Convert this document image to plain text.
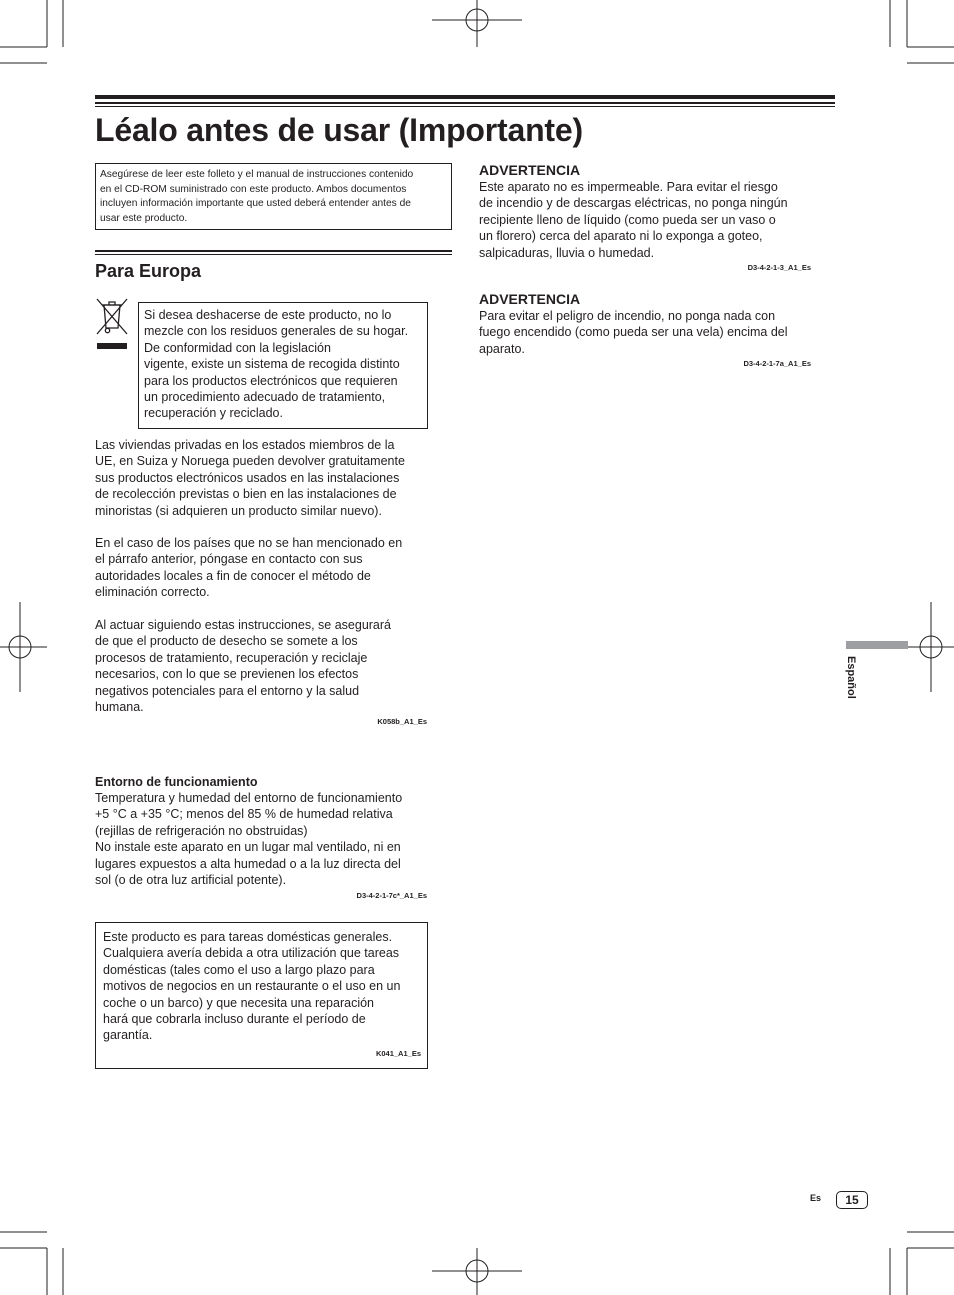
Léalo antes de usar (Importante)
Asegúrese de leer este folleto y el manual de instrucciones contenido
en el CD-ROM suministrado con este producto. Ambos documentos
incluyen información importante que usted deberá entender antes de
usar este producto.
Para Europa
Si desea deshacerse de este producto, no lo
mezcle con los residuos generales de su hogar.
De conformidad con la legislación
vigente, existe un sistema de recogida distinto
para los productos electrónicos que requieren
un procedimiento adecuado de tratamiento,
recuperación y reciclado.
Las viviendas privadas en los estados miembros de la
UE, en Suiza y Noruega pueden devolver gratuitamente
sus productos electrónicos usados en las instalaciones
de recolección previstas o bien en las instalaciones de
minoristas (si adquieren un producto similar nuevo).
En el caso de los países que no se han mencionado en
el párrafo anterior, póngase en contacto con sus
autoridades locales a fin de conocer el método de
eliminación correcto.
Al actuar siguiendo estas instrucciones, se asegurará
de que el producto de desecho se somete a los
procesos de tratamiento, recuperación y reciclaje
necesarios, con lo que se previenen los efectos
negativos potenciales para el entorno y la salud
humana.
K058b_A1_Es
Entorno de funcionamiento
Temperatura y humedad del entorno de funcionamiento
+5 °C a +35 °C; menos del 85 % de humedad relativa
(rejillas de refrigeración no obstruidas)
No instale este aparato en un lugar mal ventilado, ni en
lugares expuestos a alta humedad o a la luz directa del
sol (o de otra luz artificial potente).
D3-4-2-1-7c*_A1_Es
Este producto es para tareas domésticas generales.
Cualquiera avería debida a otra utilización que tareas
domésticas (tales como el uso a largo plazo para
motivos de negocios en un restaurante o el uso en un
coche o un barco) y que necesita una reparación
hará que cobrarla incluso durante el período de
garantía.
K041_A1_Es
ADVERTENCIA
Este aparato no es impermeable. Para evitar el riesgo
de incendio y de descargas eléctricas, no ponga ningún
recipiente lleno de líquido (como pueda ser un vaso o
un florero) cerca del aparato ni lo exponga a goteo,
salpicaduras, lluvia o humedad.
D3-4-2-1-3_A1_Es
ADVERTENCIA
Para evitar el peligro de incendio, no ponga nada con
fuego encendido (como pueda ser una vela) encima del
aparato.
D3-4-2-1-7a_A1_Es
Español
Es	15
